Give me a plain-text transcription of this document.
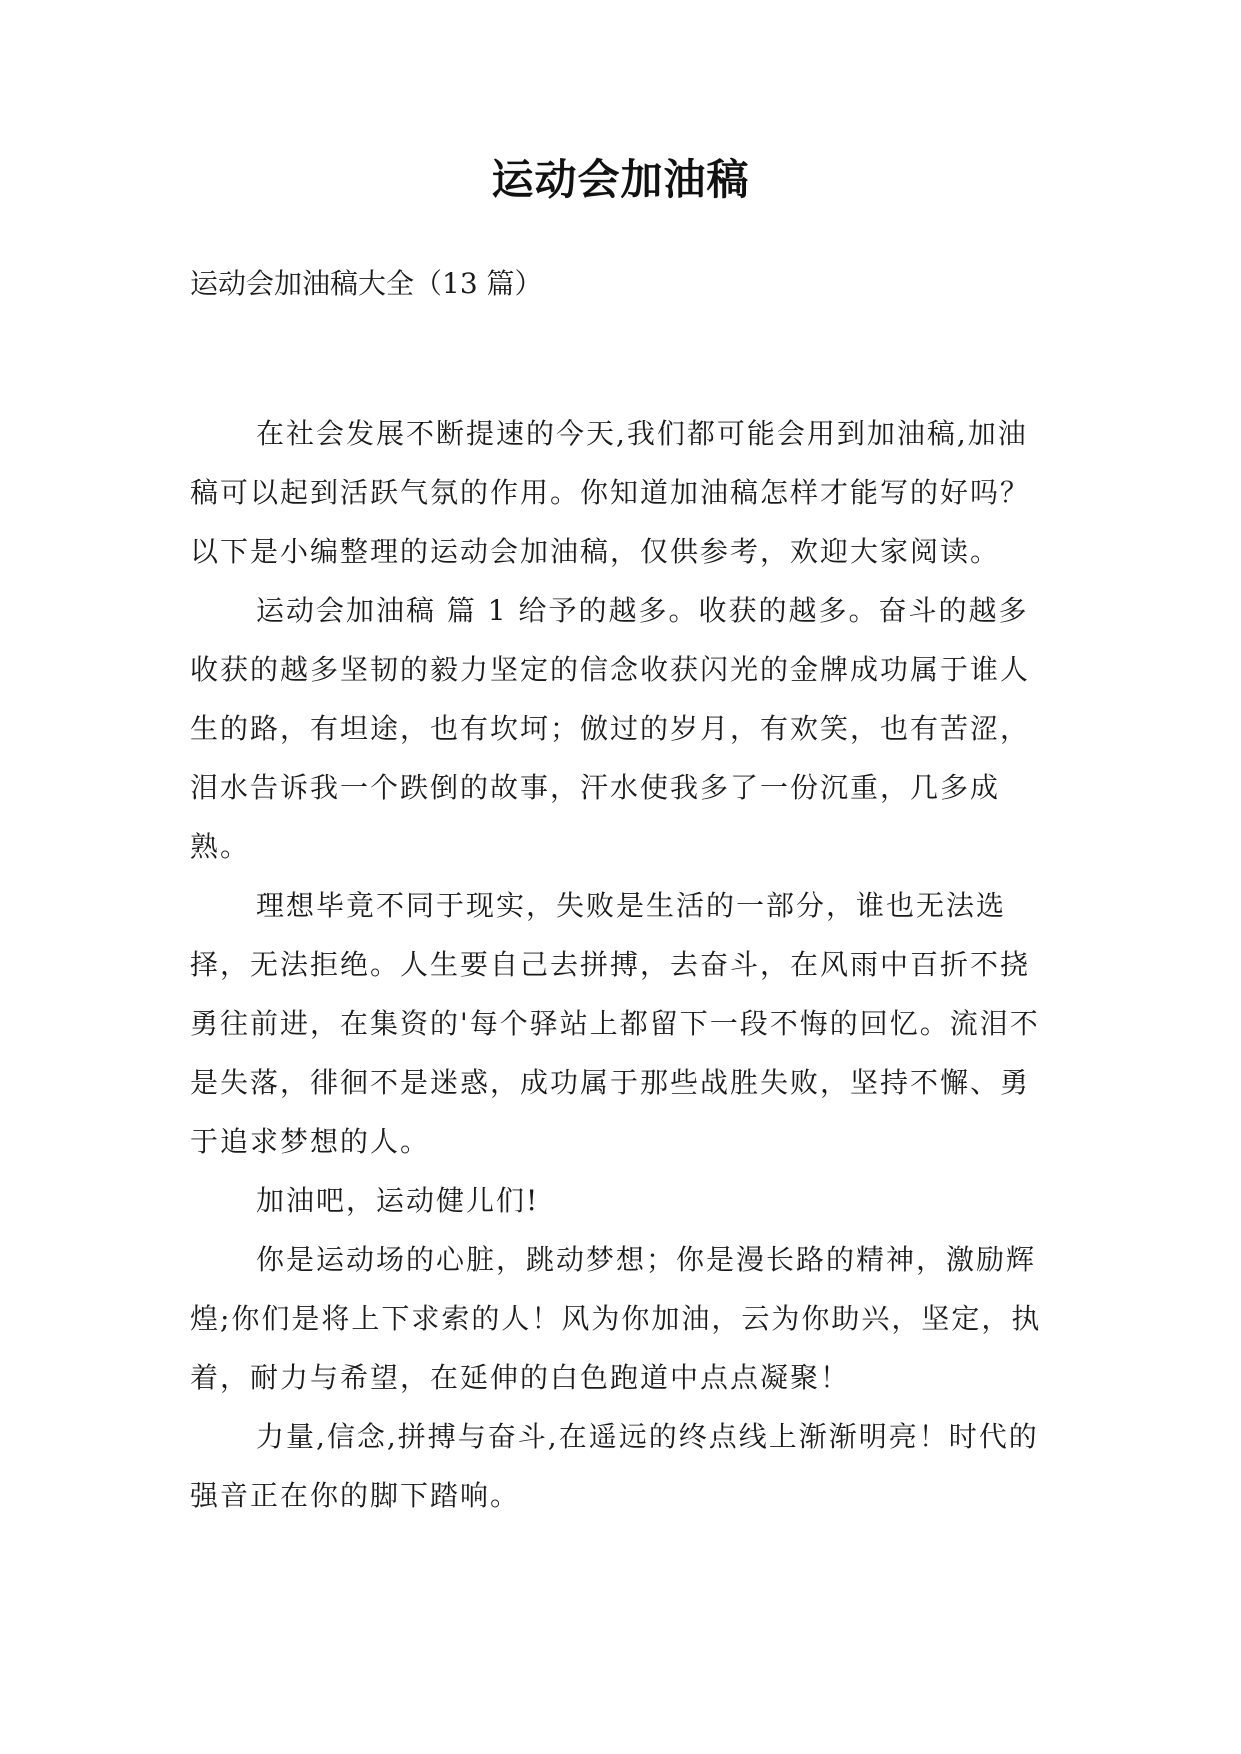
运动会加油稿
运动会加油稿大全（13 篇）

在社会发展不断提速的今天,我们都可能会用到加油稿,加油稿可以起到活跃气氛的作用。你知道加油稿怎样才能写的好吗？以下是小编整理的运动会加油稿，仅供参考，欢迎大家阅读。

运动会加油稿 篇 1 给予的越多。收获的越多。奋斗的越多收获的越多坚韧的毅力坚定的信念收获闪光的金牌成功属于谁人生的路，有坦途，也有坎坷；倣过的岁月，有欢笑，也有苦涩，泪水告诉我一个跌倒的故事，汗水使我多了一份沉重，几多成熟。

理想毕竟不同于现实，失败是生活的一部分，谁也无法选择，无法拒绝。人生要自己去拼搏，去奋斗，在风雨中百折不挠勇往前进，在集资的'每个驿站上都留下一段不悔的回忆。流泪不是失落，徘徊不是迷惑，成功属于那些战胜失败，坚持不懈、勇于追求梦想的人。

加油吧，运动健儿们!

你是运动场的心脏，跳动梦想；你是漫长路的精神，激励辉煌;你们是将上下求索的人！风为你加油，云为你助兴，坚定，执着，耐力与希望，在延伸的白色跑道中点点凝聚！

力量,信念,拼搏与奋斗,在遥远的终点线上渐渐明亮！时代的强音正在你的脚下踏响。
